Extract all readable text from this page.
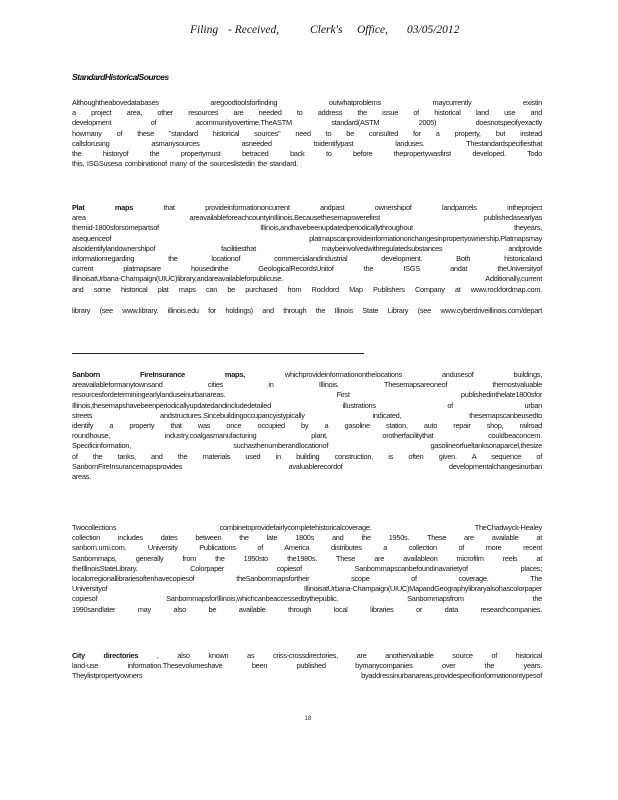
Filing - Received,	Clerk's Office, 03/05/2012
StandardHistoricalSources

Althoughtheabovedatabases aregoodtoolsforfinding outwhatproblems maycurrently existin

a project area, other resources are needed to address the issue of historical land use and

development of acommunityovertime.TheASTM standard(ASTM 2005) doesnotspecifyexactly

howmany of these "standard historical sources" need to be consulted for a property, but instead

callsforusing asmanysources asneeded toidentifypast landuses. Thestandardspecifiesthat

the historyof the propertymust betraced back to before thepropertywasfirst developed. Todo

this, ISGSusesa combinationof many of the sourceslistedin the standard.

Plat maps that provideinformationoncurrent andpast ownershipof landparcels intheproject

area areavailableforeachcountyinIllinois.Becausethesemapswerefirst publishedasearlyas

themid-1800sforsomepartsof Illinois,andhavebeenupdatedperiodicallythroughout theyears,

asequenceof platmapscanprovideinformationonchangesinpropertyownership.Platmapsmay

alsoidentifylandownershipof facilitiesthat maybeinvolvedwithregulatedsubstances andprovide

informationregarding the locationof commercialandindustrial development. Both historicaland

current platmapsare housedinthe GeologicalRecordsUnitof the ISGS andat theUniversityof

IllinoisatUrbana-Champaign(UIUC)library,andareavailableforpublicuse. Additionally,current

and some historical plat maps can be purchased from Rockford Map Publishers Company at www.rockfordmap.com.

library (see www.library. illinois.edu for holdings) and through the Illinois State Library (see www.cyberdriveillinois.com/depart

Sanborn FireInsurance maps, whichprovideinformationonthelocations andusesof buildings,

areavailableformanytownsand cities in Illinois. Thesemapsareoneof themostvaluable

resourcesfordeterminingearlylanduseinurbanareas. First publishedinthelate1800sfor

Illinois,thesemapshavebeenperiodicallyupdatedandincludedetailed illustrations of urban

streets andstructures.Sincebuildingoccupancyistypically indicated, thesemapscanbeusedto

identify a property that was once occupied by a gasoline station, auto repair shop, railroad

roundhouse, industry,coalgasmanufacturing plant, orotherfacilitythat couldbeaconcern.

Specificinformation, suchasthenumberandlocationof gasolineorfueltanksonaparcel,thesize

of the tanks, and the materials used in building construction, is often given. A sequence of

SanbornFireInsurancemapsprovides avaluablerecordof developmentalchangesinurban

areas.

Twocollections combinetoprovidefairlycompletehistoricalcoverage. TheChadwyck-Healey

collection includes dates between the late 1800s and the 1950s. These are available at

sanborn.umi.com. University Publications of America distributes a collection of more recent

Sanbornmaps, generally from the 1950sto the1980s. These are availableon microfilm reels at

theIllinoisStateLibrary. Colorpaper copiesof Sanbornmapscanbefoundinavarietyof places;

localorregionallibrariesoftenhavecopiesof theSanbornmapsfortheir scope of coverage. The

Universityof IllinoisatUrbana-Champaign(UIUC)MapandGeographylibraryalsohascolorpaper

copiesof SanbornmapsforIllinois,whichcanbeaccessedbythepublic. Sanbornmapsfrom the

1990sandlater may also be available through local libraries or data researchcompanies.

City directories , also known as criss-crossdirectories, are anothervaluable source of historical

land-use information.Thesevolumeshave been published bymanycompanies over the years.

Theylistpropertyowners byaddressinurbanareas,providespecificinformationontypesof

18
